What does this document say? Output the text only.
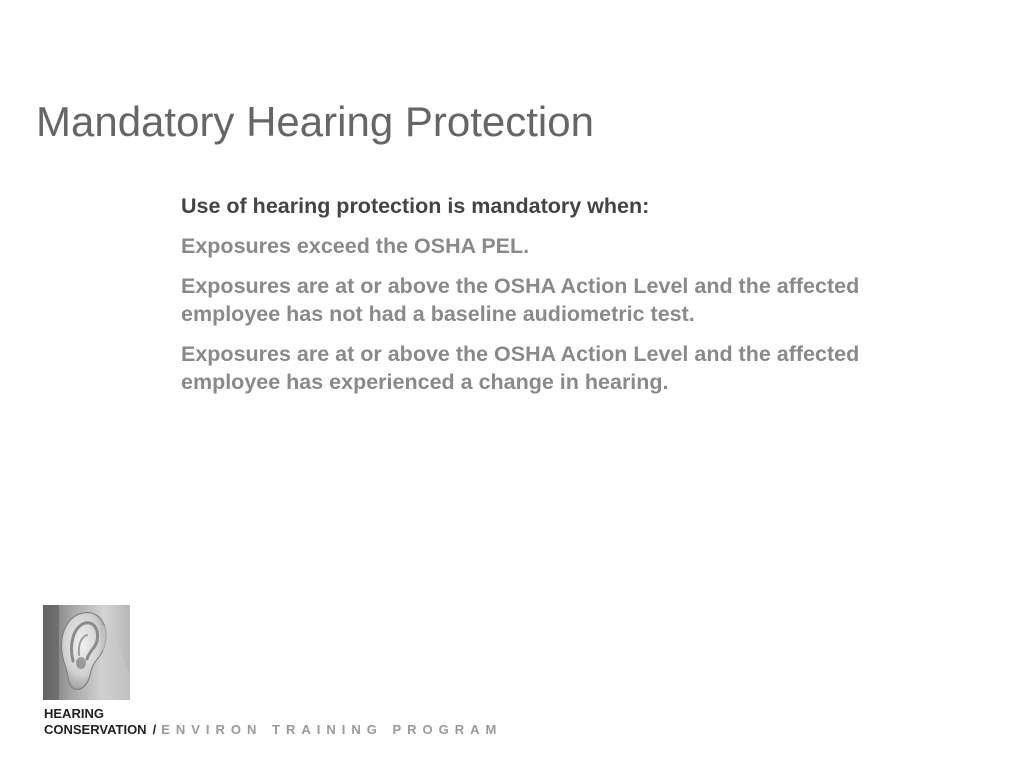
Mandatory Hearing Protection

Use of hearing protection is mandatory when:

Exposures exceed the OSHA PEL.

Exposures are at or above the OSHA Action Level and the affected employee has not had a baseline audiometric test.

Exposures are at or above the OSHA Action Level and the affected employee has experienced a change in hearing.

HEARING
CONSERVATION / ENVIRON TRAINING PROGRAM
